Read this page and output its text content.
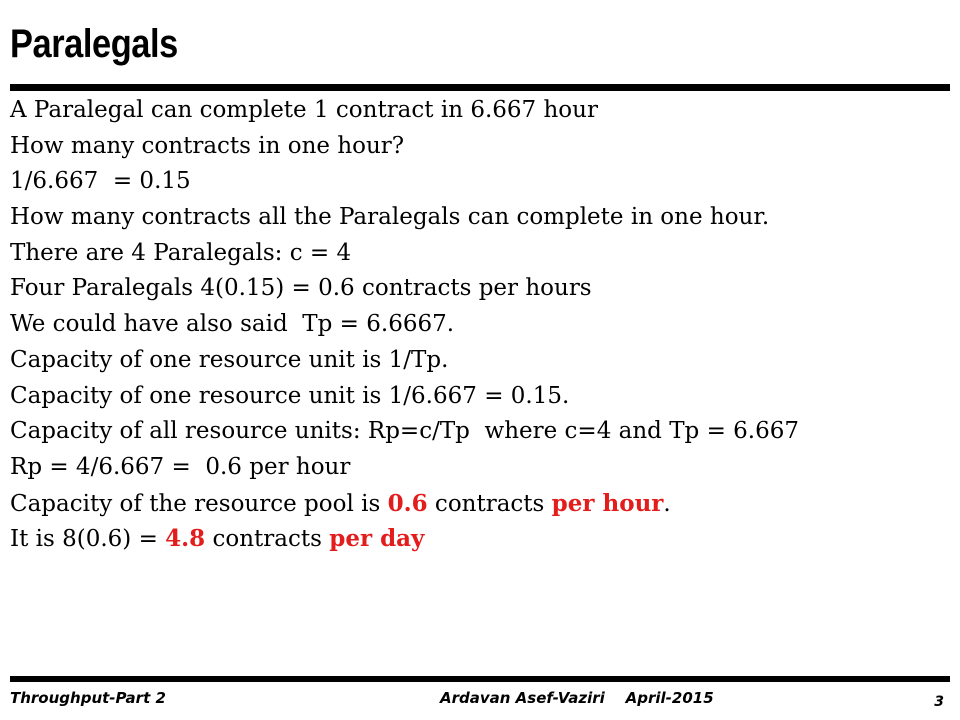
Paralegals
A Paralegal can complete 1 contract in 6.667 hour
How many contracts in one hour?
1/6.667  = 0.15
How many contracts all the Paralegals can complete in one hour.
There are 4 Paralegals: c = 4
Four Paralegals 4(0.15) = 0.6 contracts per hours
We could have also said  Tp = 6.6667.
Capacity of one resource unit is 1/Tp.
Capacity of one resource unit is 1/6.667 = 0.15.
Capacity of all resource units: Rp=c/Tp  where c=4 and Tp = 6.667
Rp = 4/6.667 =  0.6 per hour
Capacity of the resource pool is 0.6 contracts per hour.
It is 8(0.6) = 4.8 contracts per day
Throughput-Part 2	Ardavan Asef-Vaziri    April-2015	3
